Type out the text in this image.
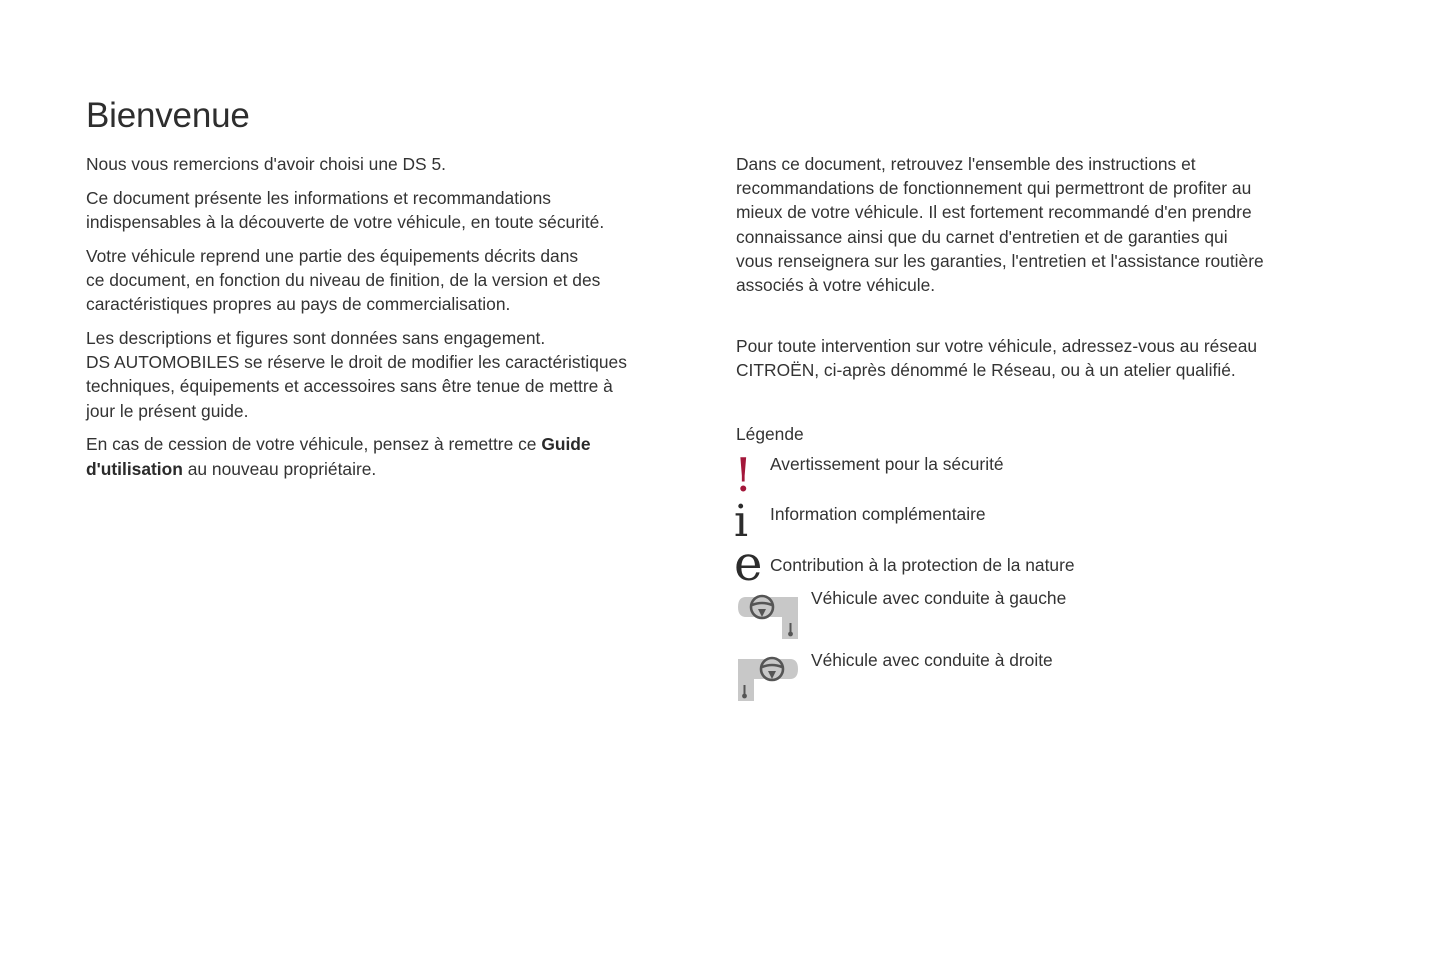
Bienvenue

Nous vous remercions d'avoir choisi une DS 5.

Ce document présente les informations et recommandations
indispensables à la découverte de votre véhicule, en toute sécurité.

Votre véhicule reprend une partie des équipements décrits dans
ce document, en fonction du niveau de finition, de la version et des
caractéristiques propres au pays de commercialisation.

Les descriptions et figures sont données sans engagement.
DS AUTOMOBILES se réserve le droit de modifier les caractéristiques
techniques, équipements et accessoires sans être tenue de mettre à
jour le présent guide.

En cas de cession de votre véhicule, pensez à remettre ce Guide
d'utilisation au nouveau propriétaire.

Dans ce document, retrouvez l'ensemble des instructions et
recommandations de fonctionnement qui permettront de profiter au
mieux de votre véhicule. Il est fortement recommandé d'en prendre
connaissance ainsi que du carnet d'entretien et de garanties qui
vous renseignera sur les garanties, l'entretien et l'assistance routière
associés à votre véhicule.

Pour toute intervention sur votre véhicule, adressez-vous au réseau
CITROËN, ci-après dénommé le Réseau, ou à un atelier qualifié.

Légende

! Avertissement pour la sécurité
i Information complémentaire
e Contribution à la protection de la nature
Véhicule avec conduite à gauche
Véhicule avec conduite à droite
